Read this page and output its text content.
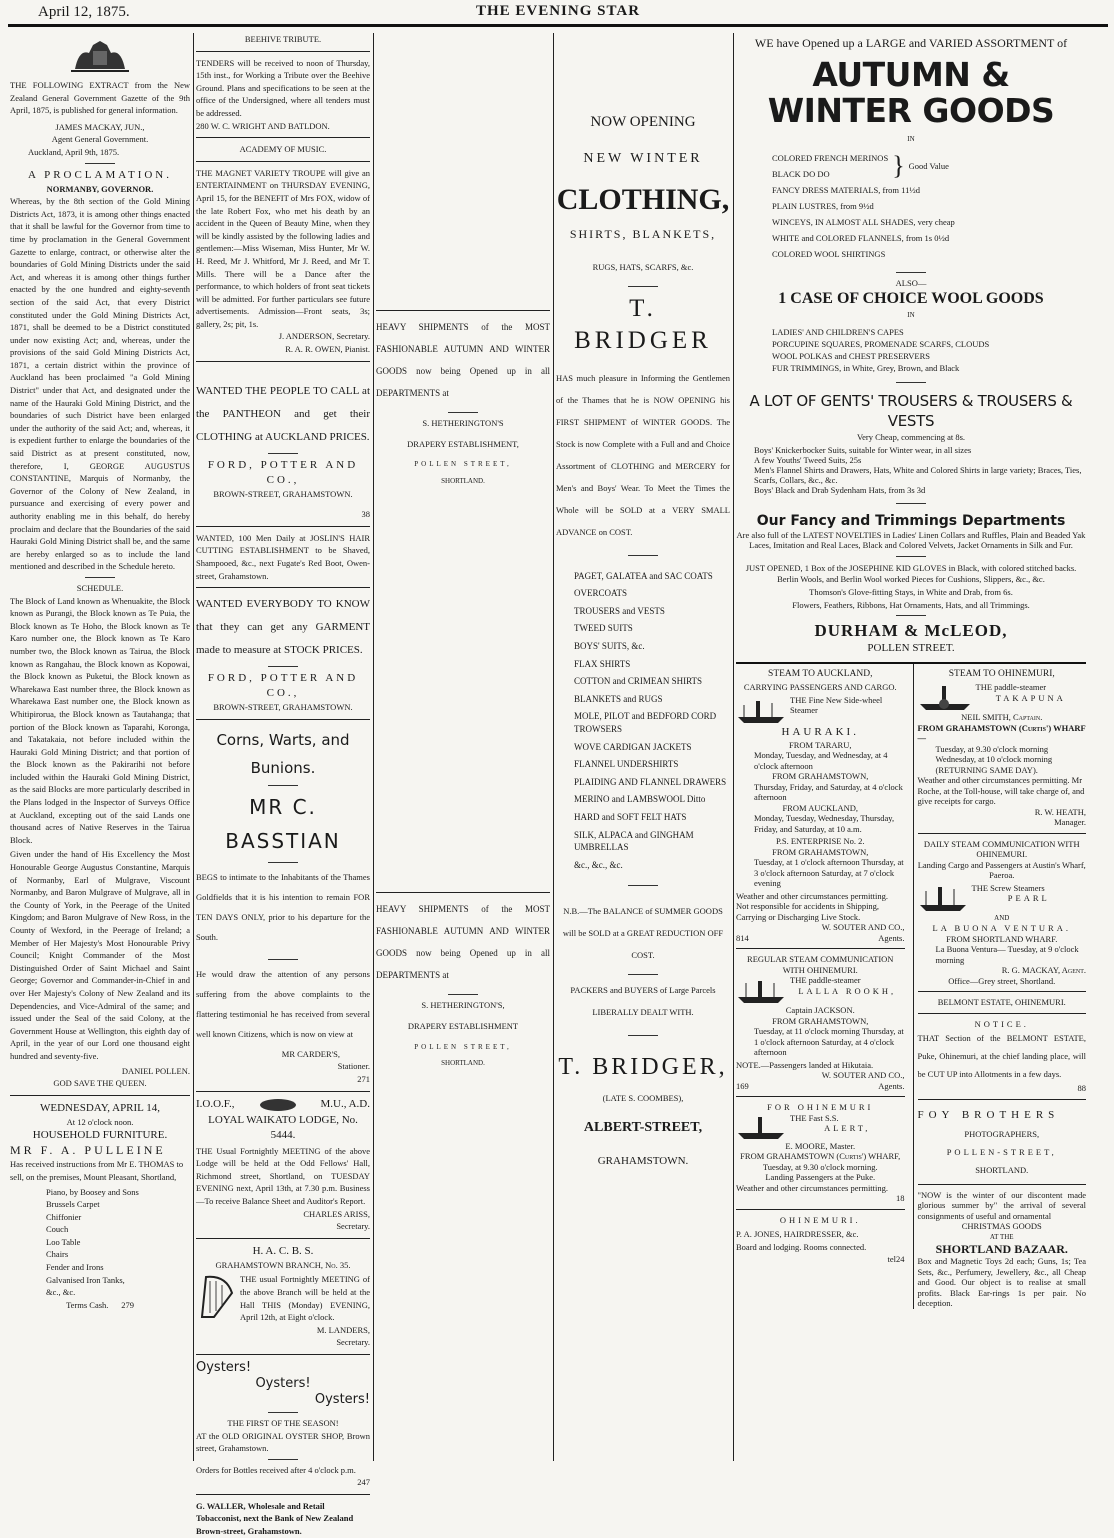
April 12, 1875.	THE EVENING STAR

THE FOLLOWING EXTRACT from the New Zealand General Government Gazette of the 9th April, 1875, is published for general information.

JAMES MACKAY, JUN.,

Agent General Government.

Auckland, April 9th, 1875.

A PROCLAMATION.

NORMANBY, GOVERNOR.

Whereas, by the 8th section of the Gold Mining Districts Act, 1873, it is among other things enacted that it shall be lawful for the Governor from time to time by proclamation in the General Government Gazette to enlarge, contract, or otherwise alter the boundaries of Gold Mining Districts under the said Act, and whereas it is among other things further enacted by the one hundred and eighty-seventh section of the said Act, that every District constituted under the Gold Mining Districts Act, 1871, shall be deemed to be a District constituted under now existing Act; and, whereas, under the provisions of the said Gold Mining Districts Act, 1871, a certain district within the province of Auckland has been proclaimed "a Gold Mining District" under that Act, and designated under the name of the Hauraki Gold Mining District, and the boundaries of such District have been enlarged under the authority of the said Act; and, whereas, it is expedient further to enlarge the boundaries of the said District as at present constituted, now, therefore, I, GEORGE AUGUSTUS CONSTANTINE, Marquis of Normanby, the Governor of the Colony of New Zealand, in pursuance and exercising of every power and authority enabling me in this behalf, do hereby proclaim and declare that the Boundaries of the said Hauraki Gold Mining District shall be, and the same are hereby enlarged so as to include the land mentioned and described in the Schedule hereto.

SCHEDULE.

The Block of Land known as Whenuakite, the Block known as Purangi, the Block known as Te Puia, the Block known as Te Hoho, the Block known as Te Karo number one, the Block known as Te Karo number two, the Block known as Tairua, the Block known as Rangahau, the Block known as Kopowai, the Block known as Puketui, the Block known as Wharekawa East number three, the Block known as Wharekawa East number one, the Block known as Whitipirorua, the Block known as Tautahanga; that portion of the Block known as Taparahi, Koronga, and Takatakaia, not before included within the Hauraki Gold Mining District; and that portion of the Block known as the Pakirarihi not before included within the Hauraki Gold Mining District, as the said Blocks are more particularly described in the Plans lodged in the Inspector of Surveys Office at Auckland, excepting out of the said Lands one thousand acres of Native Reserves in the Tairua Block.

Given under the hand of His Excellency the Most Honourable George Augustus Constantine, Marquis of Normanby, Earl of Mulgrave, Viscount Normanby, and Baron Mulgrave of Mulgrave, all in the County of York, in the Peerage of the United Kingdom; and Baron Mulgrave of New Ross, in the County of Wexford, in the Peerage of Ireland; a Member of Her Majesty's Most Honourable Privy Council; Knight Commander of the Most Distinguished Order of Saint Michael and Saint George; Governor and Commander-in-Chief in and over Her Majesty's Colony of New Zealand and its Dependencies, and Vice-Admiral of the same; and issued under the Seal of the said Colony, at the Government House at Wellington, this eighth day of April, in the year of our Lord one thousand eight hundred and seventy-five.

DANIEL POLLEN.

GOD SAVE THE QUEEN.

WEDNESDAY, APRIL 14,

At 12 o'clock noon.

HOUSEHOLD FURNITURE.

MR F. A. PULLEINE

Has received instructions from Mr E. THOMAS to sell, on the premises, Mount Pleasant, Shortland,

Piano, by Boosey and Sons

Brussels Carpet

Chiffonier

Couch

Loo Table

Chairs

Fender and Irons

Galvanised Iron Tanks,

&c., &c.

Terms Cash. 279

BEEHIVE TRIBUTE.

TENDERS will be received to noon of Thursday, 15th inst., for Working a Tribute over the Beehive Ground. Plans and specifications to be seen at the office of the Undersigned, where all tenders must be addressed.

280 W. C. WRIGHT AND BATLDON.

ACADEMY OF MUSIC.

THE MAGNET VARIETY TROUPE will give an ENTERTAINMENT on THURSDAY EVENING, April 15, for the BENEFIT of Mrs FOX, widow of the late Robert Fox, who met his death by an accident in the Queen of Beauty Mine, when they will be kindly assisted by the following ladies and gentlemen:—Miss Wiseman, Miss Hunter, Mr W. H. Reed, Mr J. Whitford, Mr J. Reed, and Mr T. Mills. There will be a Dance after the performance, to which holders of front seat tickets will be admitted. For further particulars see future advertisements. Admission—Front seats, 3s; gallery, 2s; pit, 1s.

J. ANDERSON, Secretary.

R. A. R. OWEN, Pianist.

WANTED THE PEOPLE TO CALL at the PANTHEON and get their CLOTHING at AUCKLAND PRICES.

FORD, POTTER AND CO.,

BROWN-STREET, GRAHAMSTOWN.

38

WANTED, 100 Men Daily at JOSLIN'S HAIR CUTTING ESTABLISHMENT to be Shaved, Shampooed, &c., next Fugate's Red Boot, Owen-street, Grahamstown.

WANTED EVERYBODY TO KNOW that they can get any GARMENT made to measure at STOCK PRICES.

FORD, POTTER AND CO.,

BROWN-STREET, GRAHAMSTOWN.

Corns, Warts, and

Bunions.

MR C. BASSTIAN

BEGS to intimate to the Inhabitants of the Thames Goldfields that it is his intention to remain FOR TEN DAYS ONLY, prior to his departure for the South.

He would draw the attention of any persons suffering from the above complaints to the flattering testimonial he has received from several well known Citizens, which is now on view at

MR CARDER'S,

Stationer.

271

I.O.O.F.,	M.U., A.D.

LOYAL WAIKATO LODGE, No. 5444.

THE Usual Fortnightly MEETING of the above Lodge will be held at the Odd Fellows' Hall, Richmond street, Shortland, on TUESDAY EVENING next, April 13th, at 7.30 p.m. Business—To receive Balance Sheet and Auditor's Report.

CHARLES ARISS,

Secretary.

H. A. C. B. S.

GRAHAMSTOWN BRANCH, No. 35.

THE usual Fortnightly MEETING of the above Branch will be held at the Hall THIS (Monday) EVENING, April 12th, at Eight o'clock.

M. LANDERS,

Secretary.

Oysters!

Oysters!

Oysters!

THE FIRST OF THE SEASON!

AT the OLD ORIGINAL OYSTER SHOP, Brown street, Grahamstown.

Orders for Bottles received after 4 o'clock p.m.

247

G. WALLER, Wholesale and Retail Tobacconist, next the Bank of New Zealand Brown-street, Grahamstown.

HEAVY SHIPMENTS of the MOST FASHIONABLE AUTUMN AND WINTER GOODS now being Opened up in all DEPARTMENTS at

S. HETHERINGTON'S

DRAPERY ESTABLISHMENT,

POLLEN STREET,

SHORTLAND.

HEAVY SHIPMENTS of the MOST FASHIONABLE AUTUMN AND WINTER GOODS now being Opened up in all DEPARTMENTS at

S. HETHERINGTON'S,

DRAPERY ESTABLISHMENT

POLLEN STREET,

SHORTLAND.

NOW OPENING

NEW WINTER

CLOTHING,

SHIRTS, BLANKETS,

RUGS, HATS, SCARFS, &c.

T. BRIDGER

HAS much pleasure in Informing the Gentlemen of the Thames that he is NOW OPENING his FIRST SHIPMENT of WINTER GOODS. The Stock is now Complete with a Full and and Choice Assortment of CLOTHING and MERCERY for Men's and Boys' Wear. To Meet the Times the Whole will be SOLD at a VERY SMALL ADVANCE on COST.

PAGET, GALATEA and SAC COATS
OVERCOATS
TROUSERS and VESTS
TWEED SUITS
BOYS' SUITS, &c.
FLAX SHIRTS
COTTON and CRIMEAN SHIRTS
BLANKETS and RUGS
MOLE, PILOT and BEDFORD CORD TROWSERS
WOVE CARDIGAN JACKETS
FLANNEL UNDERSHIRTS
PLAIDING AND FLANNEL DRAWERS
MERINO and LAMBSWOOL Ditto
HARD and SOFT FELT HATS
SILK, ALPACA and GINGHAM UMBRELLAS
&c., &c., &c.

N.B.—The BALANCE of SUMMER GOODS will be SOLD at a GREAT REDUCTION OFF COST.

PACKERS and BUYERS of Large Parcels LIBERALLY DEALT WITH.

T. BRIDGER,

(LATE S. COOMBES),

ALBERT-STREET,

GRAHAMSTOWN.

WE have Opened up a LARGE and VARIED ASSORTMENT of

AUTUMN & WINTER GOODS

IN

COLORED FRENCH MERINOS

BLACK DO DO	} Good Value

FANCY DRESS MATERIALS, from 11½d

PLAIN LUSTRES, from 9½d

WINCEYS, IN ALMOST ALL SHADES, very cheap

WHITE and COLORED FLANNELS, from 1s 0½d

COLORED WOOL SHIRTINGS

ALSO—

1 CASE OF CHOICE WOOL GOODS

IN

LADIES' AND CHILDREN'S CAPES

PORCUPINE SQUARES, PROMENADE SCARFS, CLOUDS

WOOL POLKAS and CHEST PRESERVERS

FUR TRIMMINGS, in White, Grey, Brown, and Black

A LOT OF GENTS' TROUSERS & TROUSERS & VESTS

Very Cheap, commencing at 8s.

Boys' Knickerbocker Suits, suitable for Winter wear, in all sizes

A few Youths' Tweed Suits, 25s

Men's Flannel Shirts and Drawers, Hats, White and Colored Shirts in large variety; Braces, Ties, Scarfs, Collars, &c., &c.

Boys' Black and Drab Sydenham Hats, from 3s 3d

Our Fancy and Trimmings Departments

Are also full of the LATEST NOVELTIES in Ladies' Linen Collars and Ruffles, Plain and Beaded Yak Laces, Imitation and Real Laces, Black and Colored Velvets, Jacket Ornaments in Silk and Fur.

JUST OPENED, 1 Box of the JOSEPHINE KID GLOVES in Black, with colored stitched backs.

Berlin Wools, and Berlin Wool worked Pieces for Cushions, Slippers, &c., &c.

Thomson's Glove-fitting Stays, in White and Drab, from 6s.

Flowers, Feathers, Ribbons, Hat Ornaments, Hats, and all Trimmings.

DURHAM & McLEOD,

POLLEN STREET.

STEAM TO AUCKLAND,

CARRYING PASSENGERS AND CARGO.

THE Fine New Side-wheel Steamer

HAURAKI.

FROM TARARU,

Monday, Tuesday, and Wednesday, at 4 o'clock afternoon

FROM GRAHAMSTOWN,

Thursday, Friday, and Saturday, at 4 o'clock afternoon

FROM AUCKLAND,

Monday, Tuesday, Wednesday, Thursday, Friday, and Saturday, at 10 a.m.

P.S. ENTERPRISE No. 2.

FROM GRAHAMSTOWN,

Tuesday, at 1 o'clock afternoon Thursday, at 3 o'clock afternoon Saturday, at 7 o'clock evening

Weather and other circumstances permitting.

Not responsible for accidents in Shipping, Carrying or Discharging Live Stock.

W. SOUTER AND CO.,

814	Agents.

REGULAR STEAM COMMUNICATION WITH OHINEMURI.

THE paddle-steamer

LALLA ROOKH,

Captain JACKSON.

FROM GRAHAMSTOWN,

Tuesday, at 11 o'clock morning Thursday, at 1 o'clock afternoon Saturday, at 4 o'clock afternoon

NOTE.—Passengers landed at Hikutaia.

W. SOUTER AND CO.,

169	Agents.

FOR OHINEMURI

THE Fast S.S.

ALERT,

E. MOORE, Master.

FROM GRAHAMSTOWN (Curtis') WHARF,

Tuesday, at 9.30 o'clock morning.

Landing Passengers at the Puke.

Weather and other circumstances permitting.

18

OHINEMURI.

P. A. JONES, HAIRDRESSER, &c.

Board and lodging. Rooms connected.

tel24

STEAM TO OHINEMURI,

THE paddle-steamer

TAKAPUNA

NEIL SMITH, Captain.

FROM GRAHAMSTOWN (Curtis') WHARF—

Tuesday, at 9.30 o'clock morning Wednesday, at 10 o'clock morning (RETURNING SAME DAY).

Weather and other circumstances permitting. Mr Roche, at the Toll-house, will take charge of, and give receipts for cargo.

R. W. HEATH,

Manager.

DAILY STEAM COMMUNICATION WITH OHINEMURI.

Landing Cargo and Passengers at Austin's Wharf, Paeroa.

THE Screw Steamers

PEARL

AND

LA BUONA VENTURA.

FROM SHORTLAND WHARF.

La Buona Ventura— Tuesday, at 9 o'clock morning

R. G. MACKAY, Agent.

Office—Grey street, Shortland.

BELMONT ESTATE, OHINEMURI.

NOTICE.

THAT Section of the BELMONT ESTATE, Puke, Ohinemuri, at the chief landing place, will be CUT UP into Allotments in a few days.

88

FOY BROTHERS

PHOTOGRAPHERS,

POLLEN-STREET,

SHORTLAND.

"NOW is the winter of our discontent made glorious summer by" the arrival of several consignments of useful and ornamental

CHRISTMAS GOODS

AT THE

SHORTLAND BAZAAR.

Box and Magnetic Toys 2d each; Guns, 1s; Tea Sets, &c., Perfumery, Jewellery, &c., all Cheap and Good. Our object is to realise at small profits. Black Ear-rings 1s per pair. No deception.
